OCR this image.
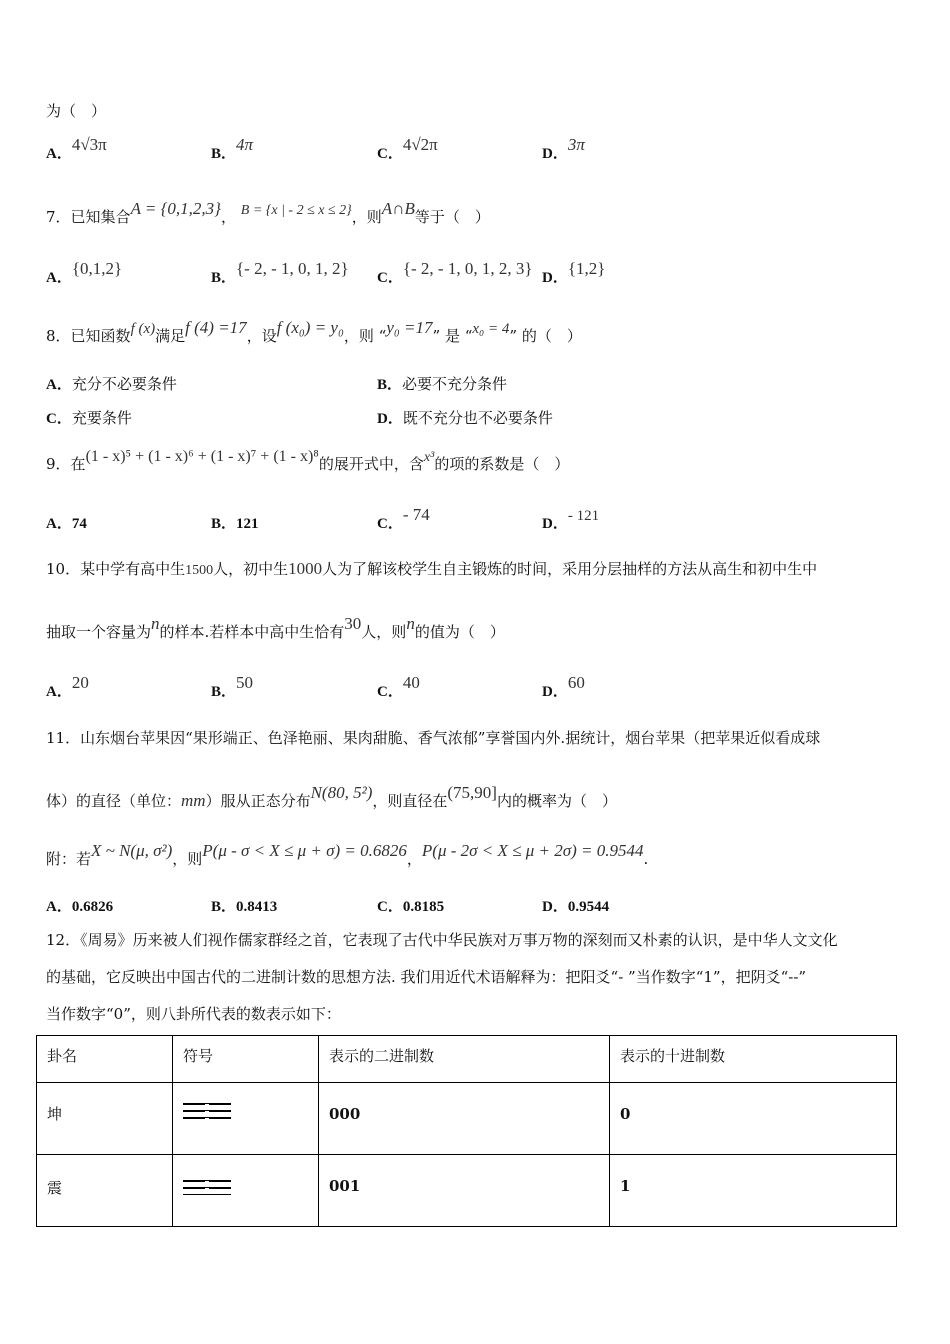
为（　）
A．4√3π	B．4π	C．4√2π	D．3π
7．已知集合A = {0,1,2,3}， B = {x | - 2 ≤ x ≤ 2}，则A∩B等于（　）
A．{0,1,2}	B．{- 2, - 1, 0, 1, 2} C．{- 2, - 1, 0, 1, 2, 3} D．{1,2}
8．已知函数f (x)满足f (4) =17，设f (x₀) = y₀，则 “y₀ =17” 是 “x₀ = 4” 的（　）
A．充分不必要条件	B．必要不充分条件
C．充要条件	D．既不充分也不必要条件
9．在(1 - x)⁵ + (1 - x)⁶ + (1 - x)⁷ + (1 - x)⁸的展开式中，含x³的项的系数是（　）
A．74	B．121	C．- 74	D．- 121
10．某中学有高中生1500人，初中生1000人为了解该校学生自主锻炼的时间，采用分层抽样的方法从高生和初中生中
抽取一个容量为n的样本.若样本中高中生恰有30人，则n的值为（　）
A．20	B．50	C．40	D．60
11．山东烟台苹果因“果形端正、色泽艳丽、果肉甜脆、香气浓郁”享誉国内外.据统计，烟台苹果（把苹果近似看成球
体）的直径（单位：mm）服从正态分布N(80, 5²)，则直径在(75,90]内的概率为（　）
附：若X ~ N(μ, σ²)，则P(μ - σ < X ≤ μ + σ) = 0.6826，P(μ - 2σ < X ≤ μ + 2σ) = 0.9544.
A．0.6826	B．0.8413	C．0.8185	D．0.9544
12．《周易》历来被人们视作儒家群经之首，它表现了古代中华民族对万事万物的深刻而又朴素的认识，是中华人文文化
的基础，它反映出中国古代的二进制计数的思想方法. 我们用近代术语解释为：把阳爻“- ”当作数字“1”，把阴爻“--”
当作数字“0”，则八卦所代表的数表示如下：
卦名	符号	表示的二进制数	表示的十进制数
坤		000	0
震		001	1
